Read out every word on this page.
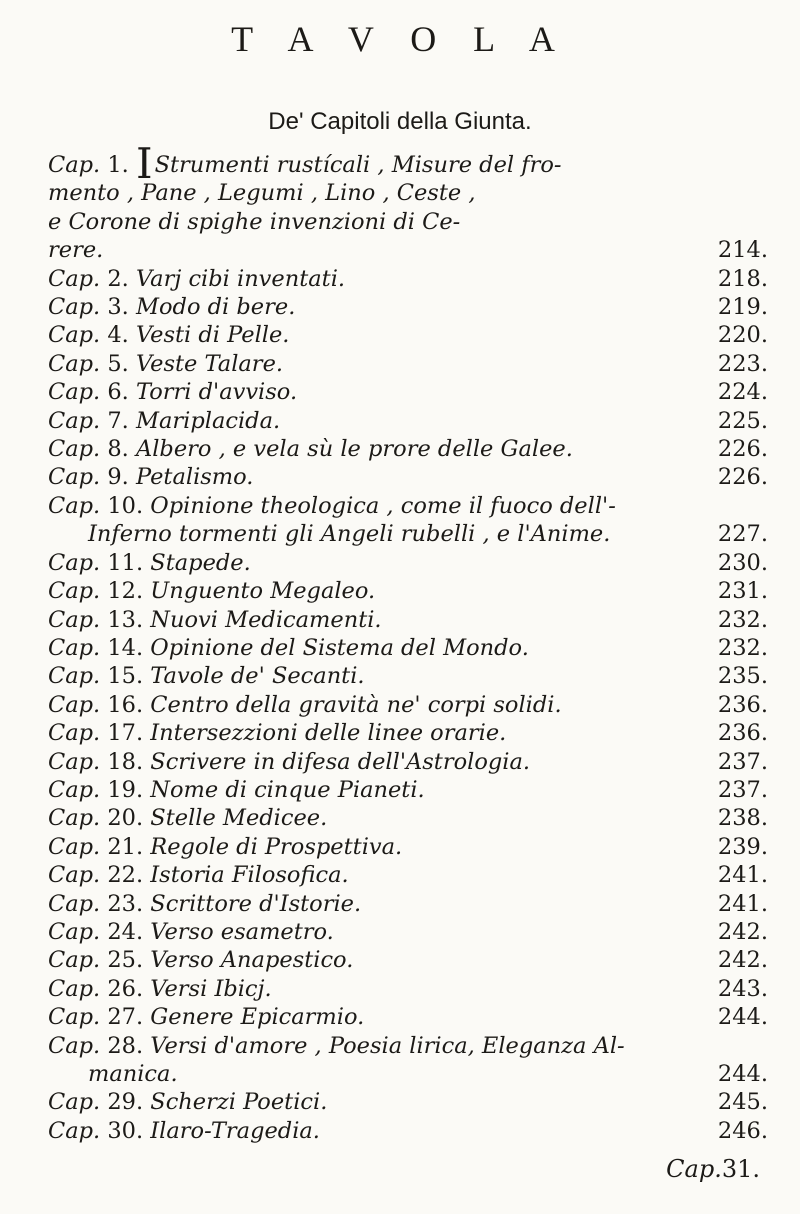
T A V O L A
De' Capitoli della Giunta.
Cap. 1. IStrumenti rustícali , Misure del fro-
mento , Pane , Legumi , Lino , Ceste ,
e Corone di spighe invenzioni di Ce-
rere.	214.
Cap. 2. Varj cibi inventati.	218.
Cap. 3. Modo di bere.	219.
Cap. 4. Vesti di Pelle.	220.
Cap. 5. Veste Talare.	223.
Cap. 6. Torri d'avviso.	224.
Cap. 7. Mariplacida.	225.
Cap. 8. Albero , e vela sù le prore delle Galee.	226.
Cap. 9. Petalismo.	226.
Cap. 10. Opinione theologica , come il fuoco dell'-
Inferno tormenti gli Angeli rubelli , e l'Anime.	227.
Cap. 11. Stapede.	230.
Cap. 12. Unguento Megaleo.	231.
Cap. 13. Nuovi Medicamenti.	232.
Cap. 14. Opinione del Sistema del Mondo.	232.
Cap. 15. Tavole de' Secanti.	235.
Cap. 16. Centro della gravità ne' corpi solidi.	236.
Cap. 17. Intersezzioni delle linee orarie.	236.
Cap. 18. Scrivere in difesa dell'Astrologia.	237.
Cap. 19. Nome di cinque Pianeti.	237.
Cap. 20. Stelle Medicee.	238.
Cap. 21. Regole di Prospettiva.	239.
Cap. 22. Istoria Filosofica.	241.
Cap. 23. Scrittore d'Istorie.	241.
Cap. 24. Verso esametro.	242.
Cap. 25. Verso Anapestico.	242.
Cap. 26. Versi Ibicj.	243.
Cap. 27. Genere Epicarmio.	244.
Cap. 28. Versi d'amore , Poesia lirica, Eleganza Al-
manica.	244.
Cap. 29. Scherzi Poetici.	245.
Cap. 30. Ilaro-Tragedia.	246.
Cap.31.
